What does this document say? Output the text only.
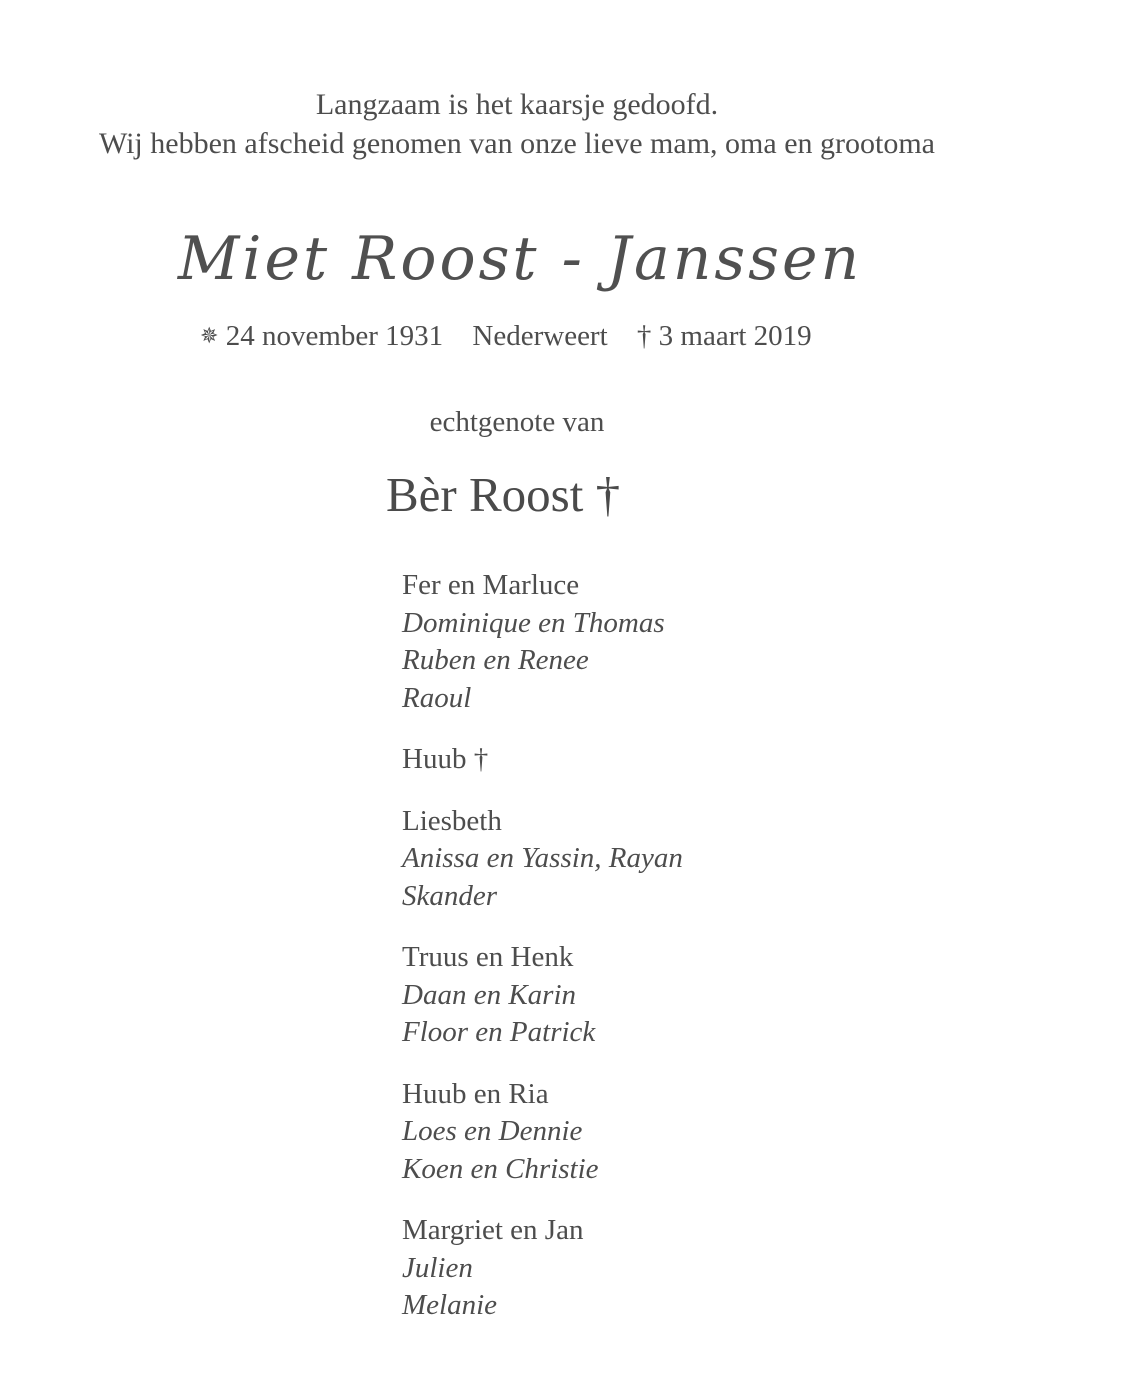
Langzaam is het kaarsje gedoofd.
Wij hebben afscheid genomen van onze lieve mam, oma en grootoma
Miet Roost - Janssen
✵ 24 november 1931 Nederweert † 3 maart 2019
echtgenote van
Bèr Roost †
Fer en Marluce
Dominique en Thomas
Ruben en Renee
Raoul
Huub †
Liesbeth
Anissa en Yassin, Rayan
Skander
Truus en Henk
Daan en Karin
Floor en Patrick
Huub en Ria
Loes en Dennie
Koen en Christie
Margriet en Jan
Julien
Melanie
